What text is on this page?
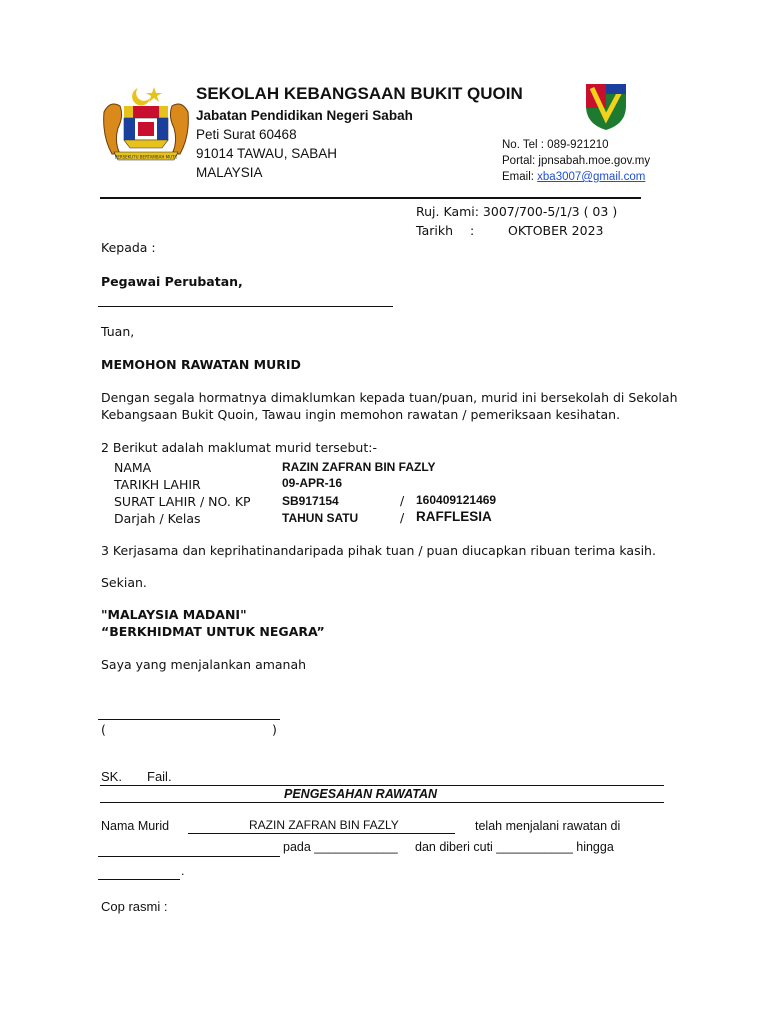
BERSEKUTU BERTAMBAH MUTU
SEKOLAH KEBANGSAAN BUKIT QUOIN
Jabatan Pendidikan Negeri Sabah
Peti Surat 60468
91014 TAWAU, SABAH
MALAYSIA
No. Tel : 089-921210
Portal: jpnsabah.moe.gov.my
Email: xba3007@gmail.com
Ruj. Kami: 3007/700-5/1/3 ( 03 )
Tarikh :	OKTOBER 2023
Kepada :
Pegawai Perubatan,
Tuan,
MEMOHON RAWATAN MURID
Dengan segala hormatnya dimaklumkan kepada tuan/puan, murid ini bersekolah di Sekolah
Kebangsaan Bukit Quoin, Tawau ingin memohon rawatan / pemeriksaan kesihatan.
2 Berikut adalah maklumat murid tersebut:-
NAMA	RAZIN ZAFRAN BIN FAZLY
TARIKH LAHIR	09-APR-16
SURAT LAHIR / NO. KP	SB917154	/ 160409121469
Darjah / Kelas	TAHUN SATU	/ RAFFLESIA
3 Kerjasama dan keprihatinandaripada pihak tuan / puan diucapkan ribuan terima kasih.
Sekian.
"MALAYSIA MADANI"
“BERKHIDMAT UNTUK NEGARA”
Saya yang menjalankan amanah
(	)
SK. Fail.
PENGESAHAN RAWATAN
Nama Murid	RAZIN ZAFRAN BIN FAZLY	telah menjalani rawatan di
pada ____________ dan diberi cuti ___________ hingga
.
Cop rasmi :
